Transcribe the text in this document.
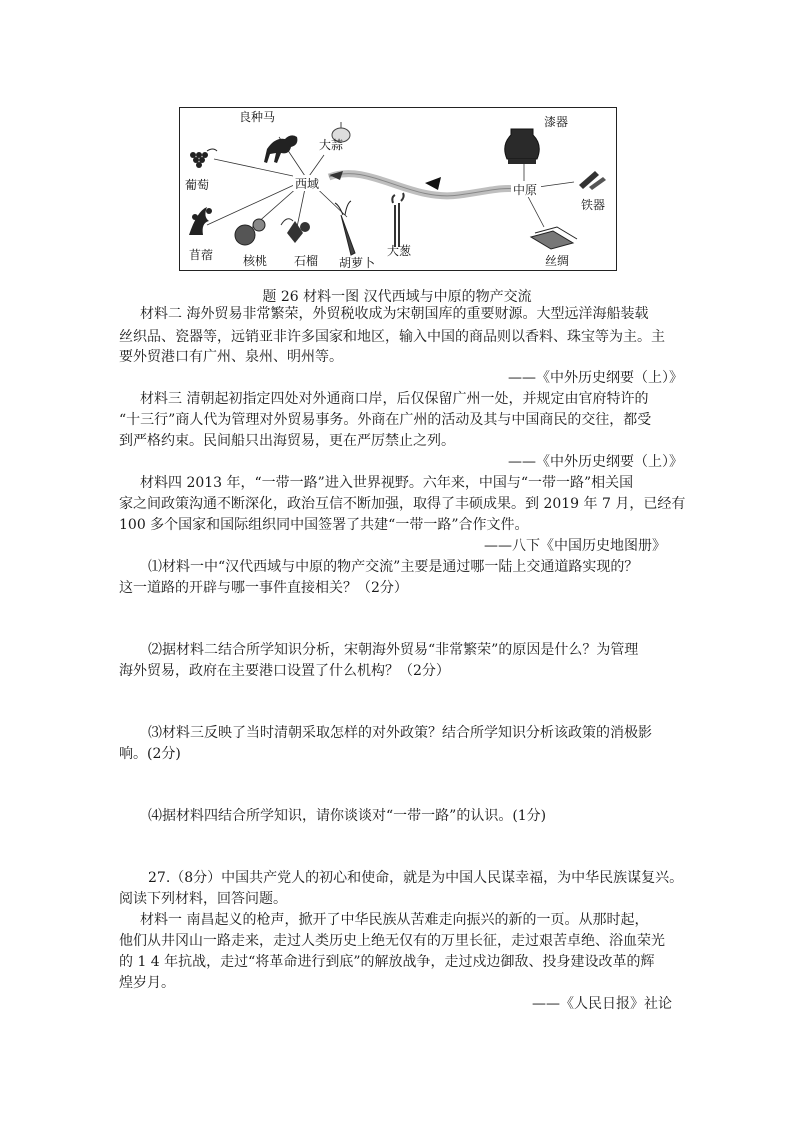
良种马
大蒜
葡萄	西域
苜蓿 核桃 石榴 胡萝卜
大葱
漆器
中原
铁器
丝绸
题 26 材料一图 汉代西域与中原的物产交流
材料二 海外贸易非常繁荣，外贸税收成为宋朝国库的重要财源。大型远洋海船装载
丝织品、瓷器等，远销亚非许多国家和地区，输入中国的商品则以香料、珠宝等为主。主
要外贸港口有广州、泉州、明州等。
——《中外历史纲要（上）》
材料三 清朝起初指定四处对外通商口岸，后仅保留广州一处，并规定由官府特许的
“十三行”商人代为管理对外贸易事务。外商在广州的活动及其与中国商民的交往，都受
到严格约束。民间船只出海贸易，更在严厉禁止之列。
——《中外历史纲要（上）》
材料四 2013 年，“一带一路”进入世界视野。六年来，中国与“一带一路”相关国
家之间政策沟通不断深化，政治互信不断加强，取得了丰硕成果。到 2019 年 7 月，已经有
100 多个国家和国际组织同中国签署了共建“一带一路”合作文件。
——八下《中国历史地图册》
⑴材料一中“汉代西域与中原的物产交流”主要是通过哪一陆上交通道路实现的？
这一道路的开辟与哪一事件直接相关？（2分）
⑵据材料二结合所学知识分析，宋朝海外贸易“非常繁荣”的原因是什么？为管理
海外贸易，政府在主要港口设置了什么机构？（2分）
⑶材料三反映了当时清朝采取怎样的对外政策？结合所学知识分析该政策的消极影
响。(2分)
⑷据材料四结合所学知识，请你谈谈对“一带一路”的认识。(1分)
27.（8分）中国共产党人的初心和使命，就是为中国人民谋幸福，为中华民族谋复兴。
阅读下列材料，回答问题。
材料一 南昌起义的枪声，掀开了中华民族从苦难走向振兴的新的一页。从那时起，
他们从井冈山一路走来，走过人类历史上绝无仅有的万里长征，走过艰苦卓绝、浴血荣光
的 1 4 年抗战，走过“将革命进行到底”的解放战争，走过戍边御敌、投身建设改革的辉
煌岁月。
——《人民日报》社论
